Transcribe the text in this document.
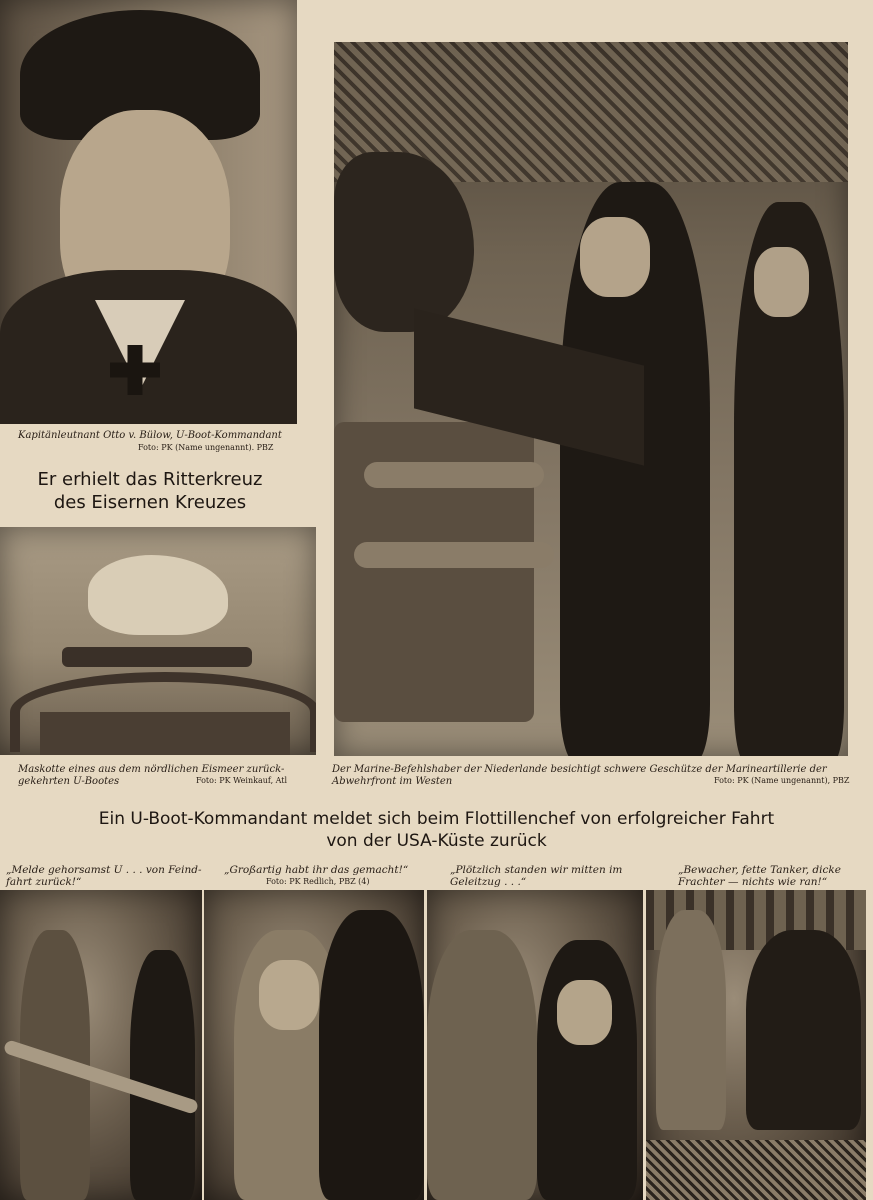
Kapitänleutnant Otto v. Bülow, U-Boot-Kommandant
Foto: PK (Name ungenannt). PBZ
Er erhielt das Ritterkreuz
des Eisernen Kreuzes
Maskotte eines aus dem nördlichen Eismeer zurück-
gekehrten U-Bootes	Foto: PK Weinkauf, Atl
Der Marine-Befehlshaber der Niederlande besichtigt schwere Geschütze der Marineartillerie der
Abwehrfront im Westen	Foto: PK (Name ungenannt), PBZ
Ein U-Boot-Kommandant meldet sich beim Flottillenchef von erfolgreicher Fahrt
von der USA-Küste zurück
„Melde gehorsamst U . . . von Feind-
fahrt zurück!“
„Großartig habt ihr das gemacht!“
Foto: PK Redlich, PBZ (4)
„Plötzlich standen wir mitten im
Geleitzug . . .“
„Bewacher, fette Tanker, dicke
Frachter — nichts wie ran!“
